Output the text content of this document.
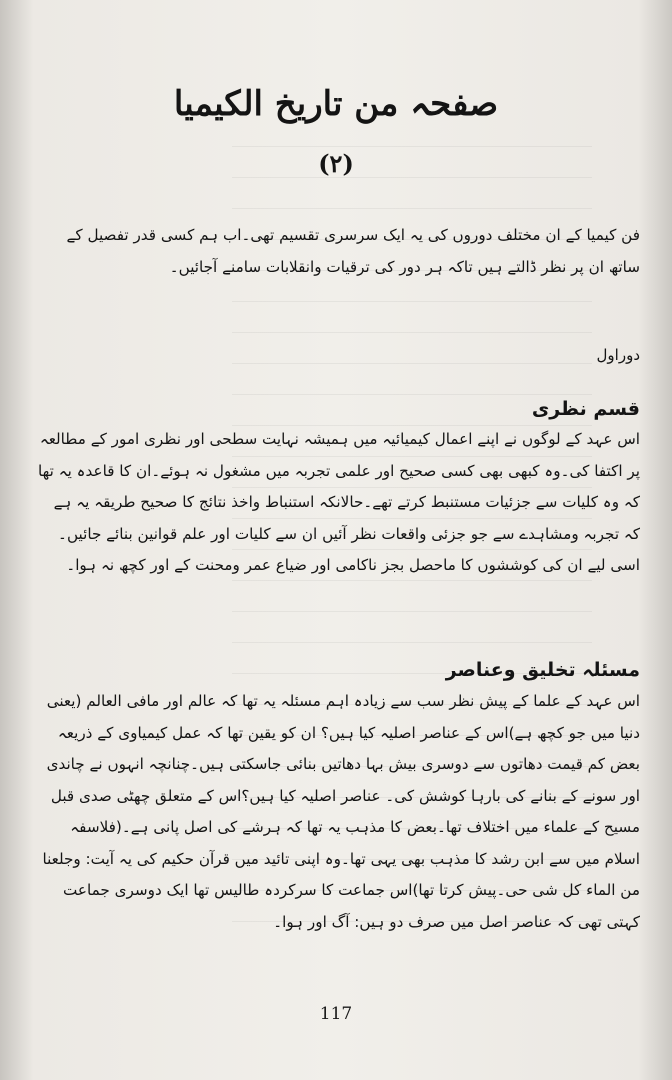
صفحہ من تاریخ الکیمیا
(۲)

فن کیمیا کے ان مختلف دوروں کی یہ ایک سرسری تقسیم تھی۔اب ہم کسی قدر تفصیل کے ساتھ ان پر نظر ڈالتے ہیں تاکہ ہر دور کی ترقیات وانقلابات سامنے آجائیں۔

دوراول
قسم نظری

اس عہد کے لوگوں نے اپنے اعمال کیمیائیہ میں ہمیشہ نہایت سطحی اور نظری امور کے مطالعہ پر اکتفا کی۔وہ کبھی بھی کسی صحیح اور علمی تجربہ میں مشغول نہ ہوئے۔ان کا قاعدہ یہ تھا کہ وہ کلیات سے جزئیات مستنبط کرتے تھے۔حالانکہ استنباط واخذ نتائج کا صحیح طریقہ یہ ہے کہ تجربہ ومشاہدے سے جو جزئی واقعات نظر آئیں ان سے کلیات اور علم قوانین بنائے جائیں۔اسی لیے ان کی کوششوں کا ماحصل بجز ناکامی اور ضیاع عمر ومحنت کے اور کچھ نہ ہوا۔

مسئلہ تخلیق وعناصر

اس عہد کے علما کے پیش نظر سب سے زیادہ اہم مسئلہ یہ تھا کہ عالم اور مافی العالم (یعنی دنیا میں جو کچھ ہے)اس کے عناصر اصلیہ کیا ہیں؟ ان کو یقین تھا کہ عمل کیمیاوی کے ذریعہ بعض کم قیمت دھاتوں سے دوسری بیش بہا دھاتیں بنائی جاسکتی ہیں۔چنانچہ انہوں نے چاندی اور سونے کے بنانے کی بارہا کوشش کی۔ عناصر اصلیہ کیا ہیں؟اس کے متعلق چھٹی صدی قبل مسیح کے علماء میں اختلاف تھا۔بعض کا مذہب یہ تھا کہ ہرشے کی اصل پانی ہے۔(فلاسفہ اسلام میں سے ابن رشد کا مذہب بھی یہی تھا۔وہ اپنی تائید میں قرآن حکیم کی یہ آیت: وجلعنا من الماء کل شی حی۔پیش کرتا تھا)اس جماعت کا سرکردہ طالیس تھا ایک دوسری جماعت کہتی تھی کہ عناصر اصل میں صرف دو ہیں: آگ اور ہوا۔

117
